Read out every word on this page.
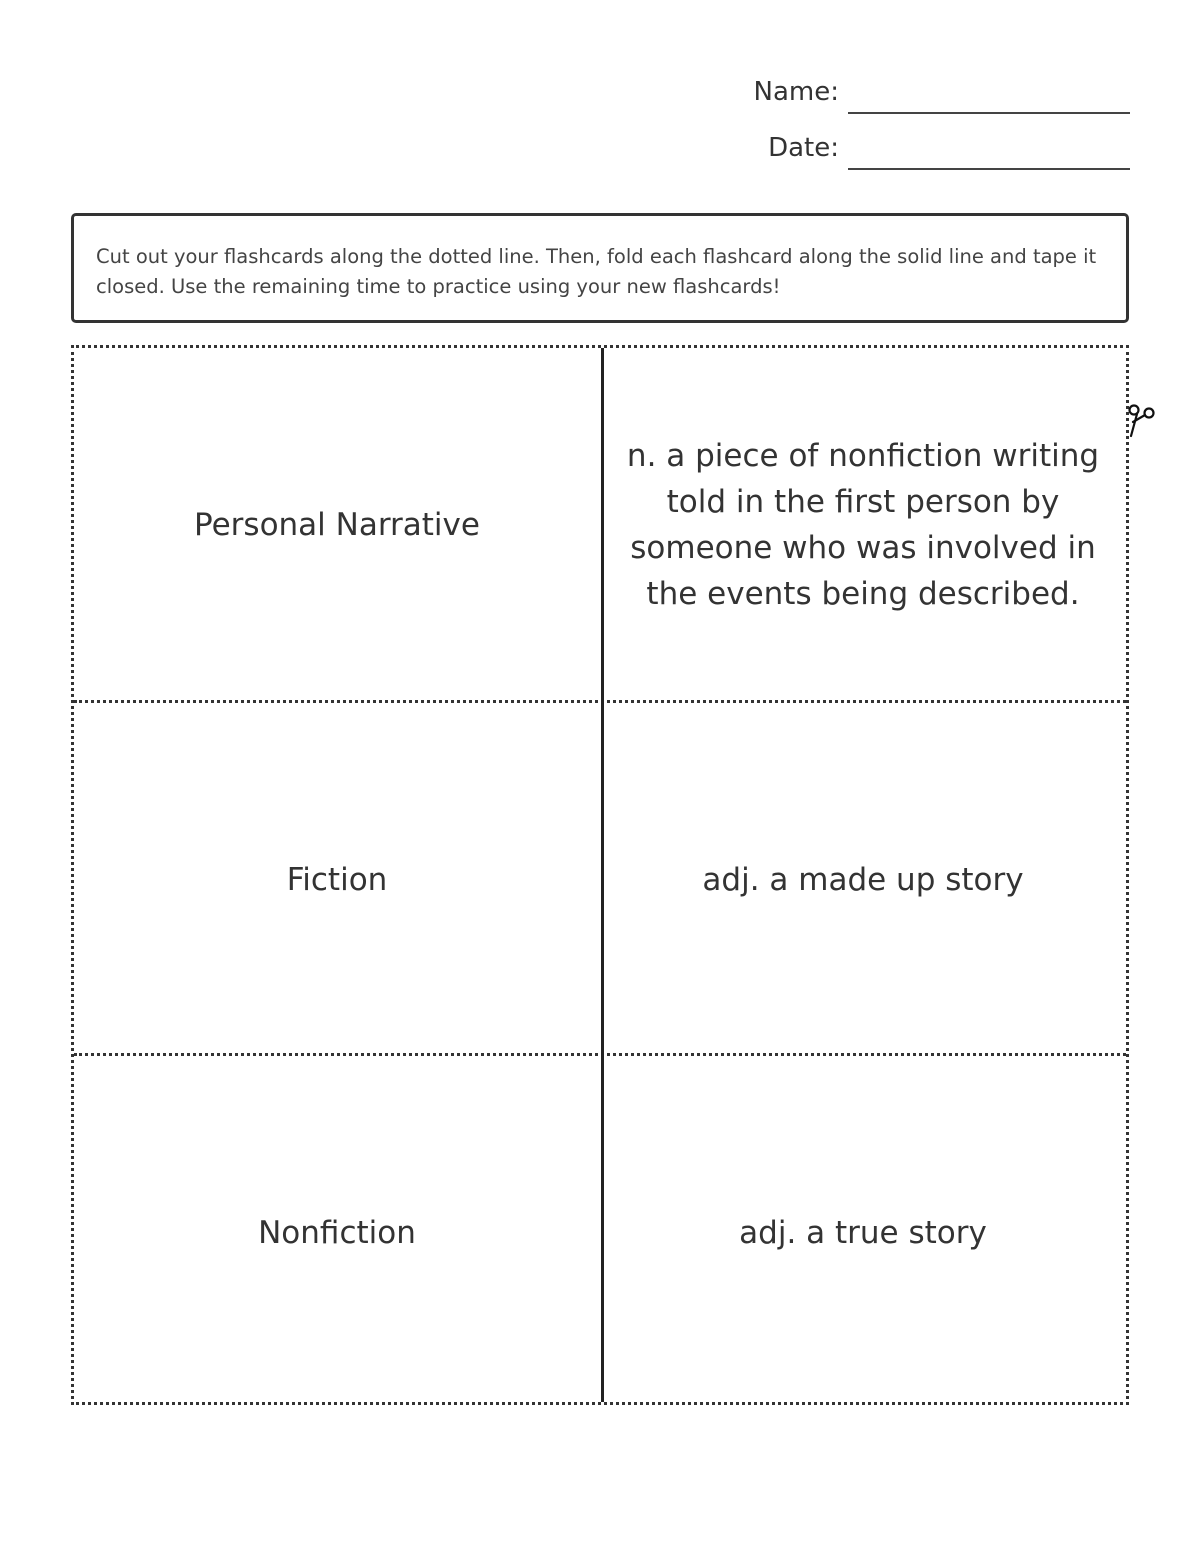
Name:
Date:
Cut out your flashcards along the dotted line. Then, fold each flashcard along the solid line and tape it closed. Use the remaining time to practice using your new flashcards!
Personal Narrative
n. a piece of nonfiction writing told in the first person by someone who was involved in the events being described.
Fiction	adj. a made up story
Nonfiction	adj. a true story
